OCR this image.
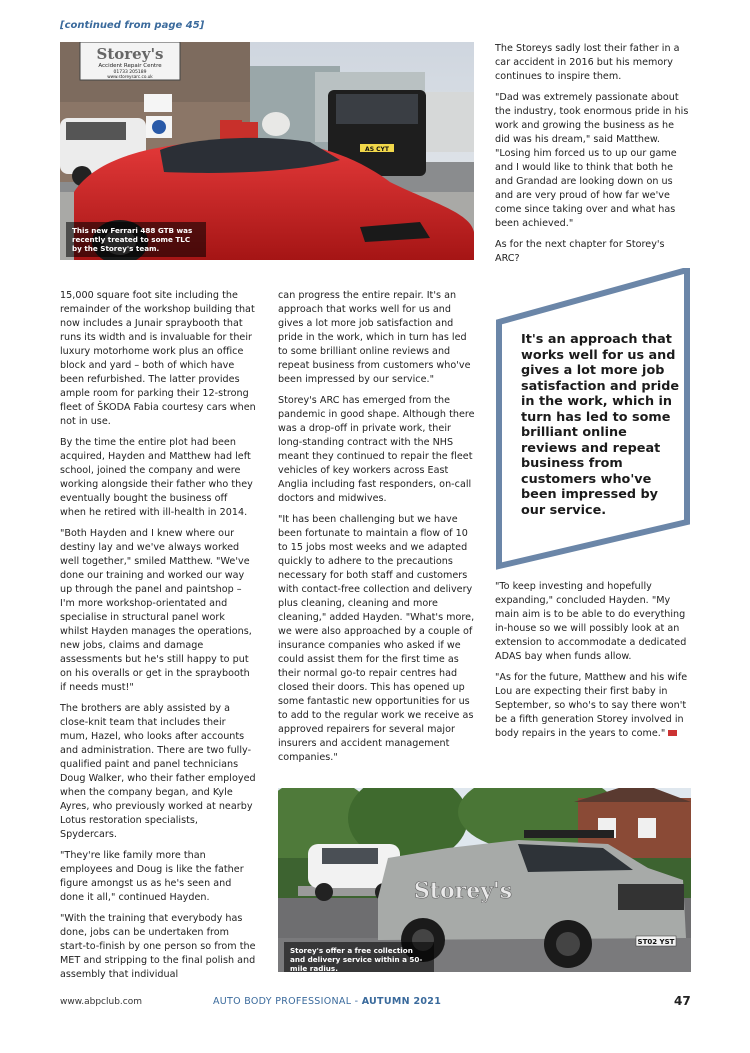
[continued from page 45]
Storey's
Accident Repair Centre
01733 205189
www.storeysarc.co.uk
AS CYT
This new Ferrari 488 GTB was recently treated to some TLC by the Storey's team.

15,000 square foot site including the remainder of the workshop building that now includes a Junair spraybooth that runs its width and is invaluable for their luxury motorhome work plus an office block and yard – both of which have been refurbished. The latter provides ample room for parking their 12-strong fleet of ŠKODA Fabia courtesy cars when not in use.

By the time the entire plot had been acquired, Hayden and Matthew had left school, joined the company and were working alongside their father who they eventually bought the business off when he retired with ill-health in 2014.

"Both Hayden and I knew where our destiny lay and we've always worked well together," smiled Matthew. "We've done our training and worked our way up through the panel and paintshop – I'm more workshop-orientated and specialise in structural panel work whilst Hayden manages the operations, new jobs, claims and damage assessments but he's still happy to put on his overalls or get in the spraybooth if needs must!"

The brothers are ably assisted by a close-knit team that includes their mum, Hazel, who looks after accounts and administration. There are two fully-qualified paint and panel technicians Doug Walker, who their father employed when the company began, and Kyle Ayres, who previously worked at nearby Lotus restoration specialists, Spydercars.

"They're like family more than employees and Doug is like the father figure amongst us as he's seen and done it all," continued Hayden.

"With the training that everybody has done, jobs can be undertaken from start-to-finish by one person so from the MET and stripping to the final polish and assembly that individual

can progress the entire repair. It's an approach that works well for us and gives a lot more job satisfaction and pride in the work, which in turn has led to some brilliant online reviews and repeat business from customers who've been impressed by our service."

Storey's ARC has emerged from the pandemic in good shape. Although there was a drop-off in private work, their long-standing contract with the NHS meant they continued to repair the fleet vehicles of key workers across East Anglia including fast responders, on-call doctors and midwives.

"It has been challenging but we have been fortunate to maintain a flow of 10 to 15 jobs most weeks and we adapted quickly to adhere to the precautions necessary for both staff and customers with contact-free collection and delivery plus cleaning, cleaning and more cleaning," added Hayden. "What's more, we were also approached by a couple of insurance companies who asked if we could assist them for the first time as their normal go-to repair centres had closed their doors. This has opened up some fantastic new opportunities for us to add to the regular work we receive as approved repairers for several major insurers and accident management companies."

The Storeys sadly lost their father in a car accident in 2016 but his memory continues to inspire them.

"Dad was extremely passionate about the industry, took enormous pride in his work and growing the business as he did was his dream," said Matthew. "Losing him forced us to up our game and I would like to think that both he and Grandad are looking down on us and are very proud of how far we've come since taking over and what has been achieved."

As for the next chapter for Storey's ARC?

It's an approach that works well for us and gives a lot more job satisfaction and pride in the work, which in turn has led to some brilliant online reviews and repeat business from customers who've been impressed by our service.

"To keep investing and hopefully expanding," concluded Hayden. "My main aim is to be able to do everything in-house so we will possibly look at an extension to accommodate a dedicated ADAS bay when funds allow.

"As for the future, Matthew and his wife Lou are expecting their first baby in September, so who's to say there won't be a fifth generation Storey involved in body repairs in the years to come."

Storey's
ST02 YST
Storey's offer a free collection and delivery service within a 50-mile radius.
www.abpclub.com	AUTO BODY PROFESSIONAL - AUTUMN 2021	47
